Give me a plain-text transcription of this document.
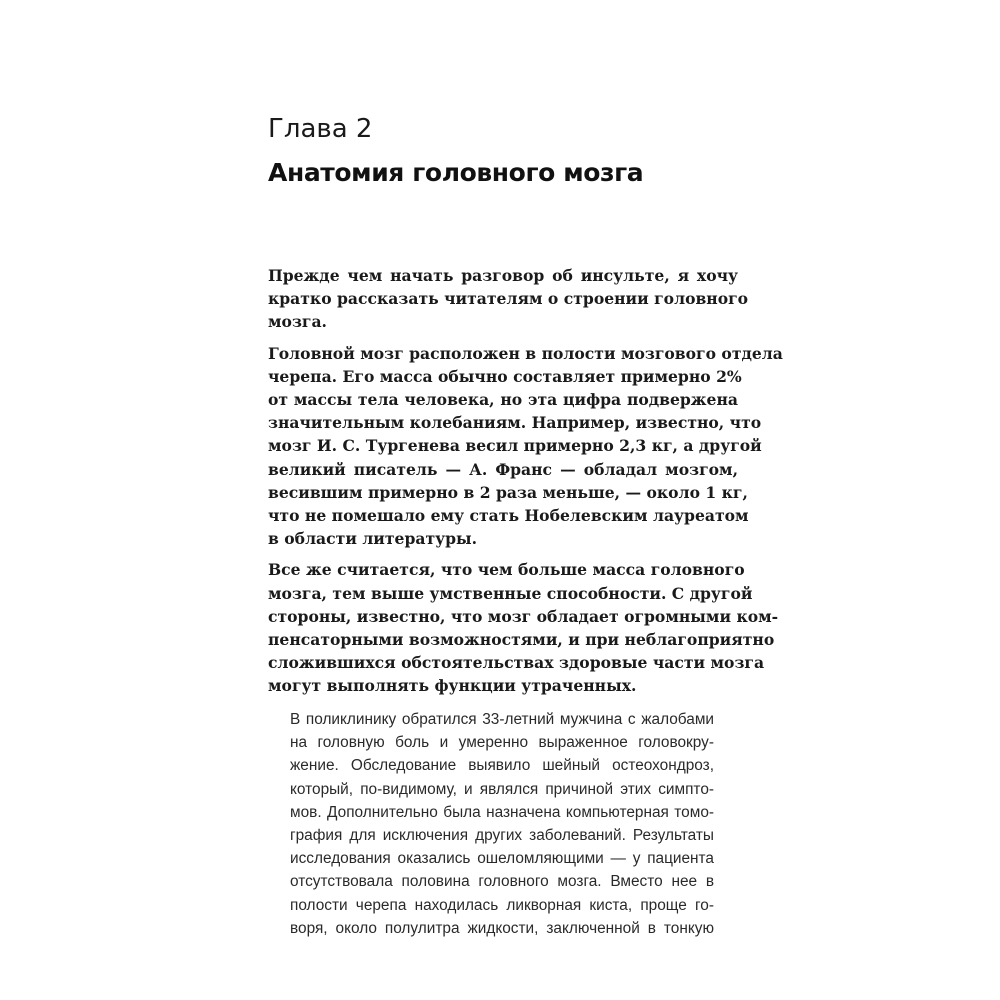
Глава 2
Анатомия головного мозга

Прежде чем начать разговор об инсульте, я хочу
кратко рассказать читателям о строении головного
мозга.

Головной мозг расположен в полости мозгового отдела
черепа. Его масса обычно составляет примерно 2%
от массы тела человека, но эта цифра подвержена
значительным колебаниям. Например, известно, что
мозг И. С. Тургенева весил примерно 2,3 кг, а другой
великий писатель — А. Франс — обладал мозгом,
весившим примерно в 2 раза меньше, — около 1 кг,
что не помешало ему стать Нобелевским лауреатом
в области литературы.

Все же считается, что чем больше масса головного
мозга, тем выше умственные способности. С другой
стороны, известно, что мозг обладает огромными ком-
пенсаторными возможностями, и при неблагоприятно
сложившихся обстоятельствах здоровые части мозга
могут выполнять функции утраченных.

В поликлинику обратился 33-летний мужчина с жалобами
на головную боль и умеренно выраженное головокру-
жение. Обследование выявило шейный остеохондроз,
который, по-видимому, и являлся причиной этих симпто-
мов. Дополнительно была назначена компьютерная томо-
графия для исключения других заболеваний. Результаты
исследования оказались ошеломляющими — у пациента
отсутствовала половина головного мозга. Вместо нее в
полости черепа находилась ликворная киста, проще го-
воря, около полулитра жидкости, заключенной в тонкую
